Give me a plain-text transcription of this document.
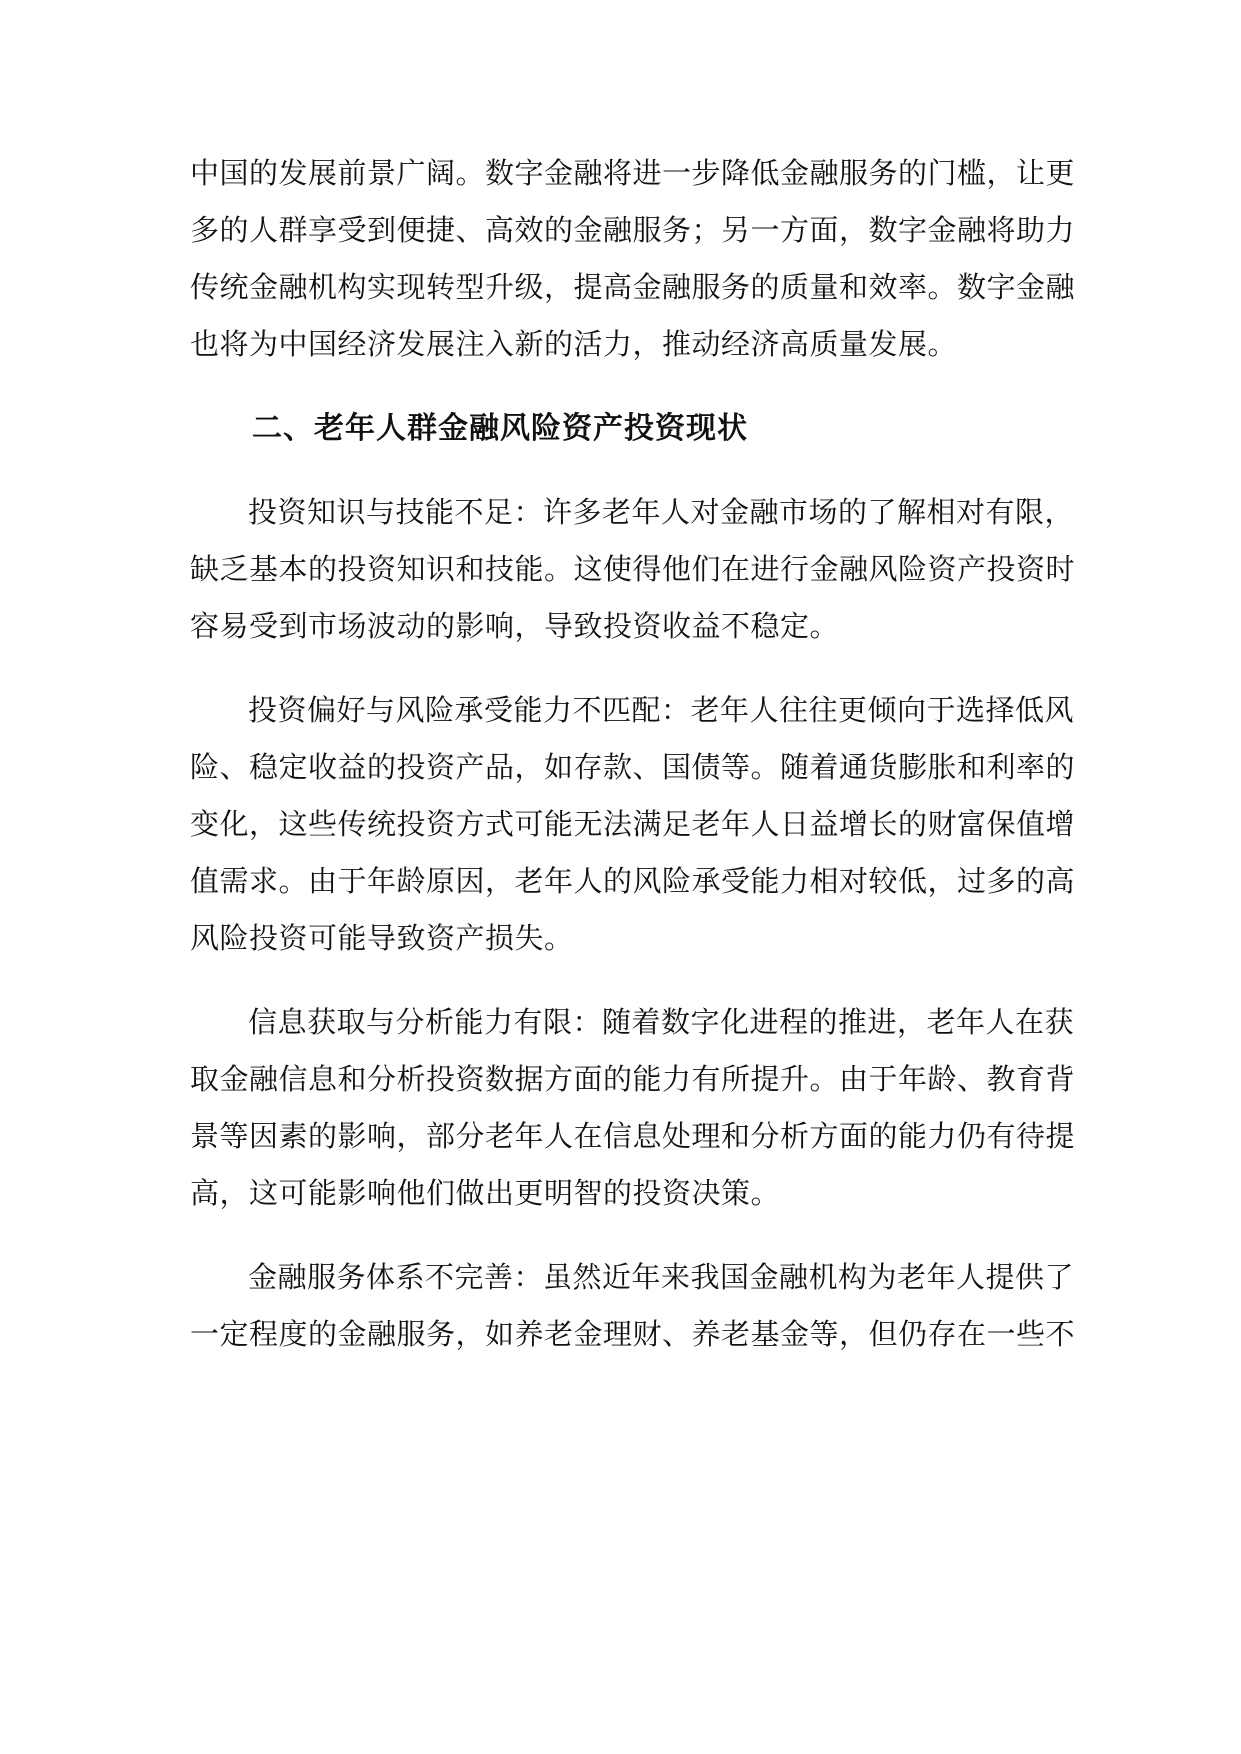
中国的发展前景广阔。数字金融将进一步降低金融服务的门槛，让更
多的人群享受到便捷、高效的金融服务；另一方面，数字金融将助力
传统金融机构实现转型升级，提高金融服务的质量和效率。数字金融
也将为中国经济发展注入新的活力，推动经济高质量发展。
二、老年人群金融风险资产投资现状
投资知识与技能不足：许多老年人对金融市场的了解相对有限，
缺乏基本的投资知识和技能。这使得他们在进行金融风险资产投资时
容易受到市场波动的影响，导致投资收益不稳定。
投资偏好与风险承受能力不匹配：老年人往往更倾向于选择低风
险、稳定收益的投资产品，如存款、国债等。随着通货膨胀和利率的
变化，这些传统投资方式可能无法满足老年人日益增长的财富保值增
值需求。由于年龄原因，老年人的风险承受能力相对较低，过多的高
风险投资可能导致资产损失。
信息获取与分析能力有限：随着数字化进程的推进，老年人在获
取金融信息和分析投资数据方面的能力有所提升。由于年龄、教育背
景等因素的影响，部分老年人在信息处理和分析方面的能力仍有待提
高，这可能影响他们做出更明智的投资决策。
金融服务体系不完善：虽然近年来我国金融机构为老年人提供了
一定程度的金融服务，如养老金理财、养老基金等，但仍存在一些不
